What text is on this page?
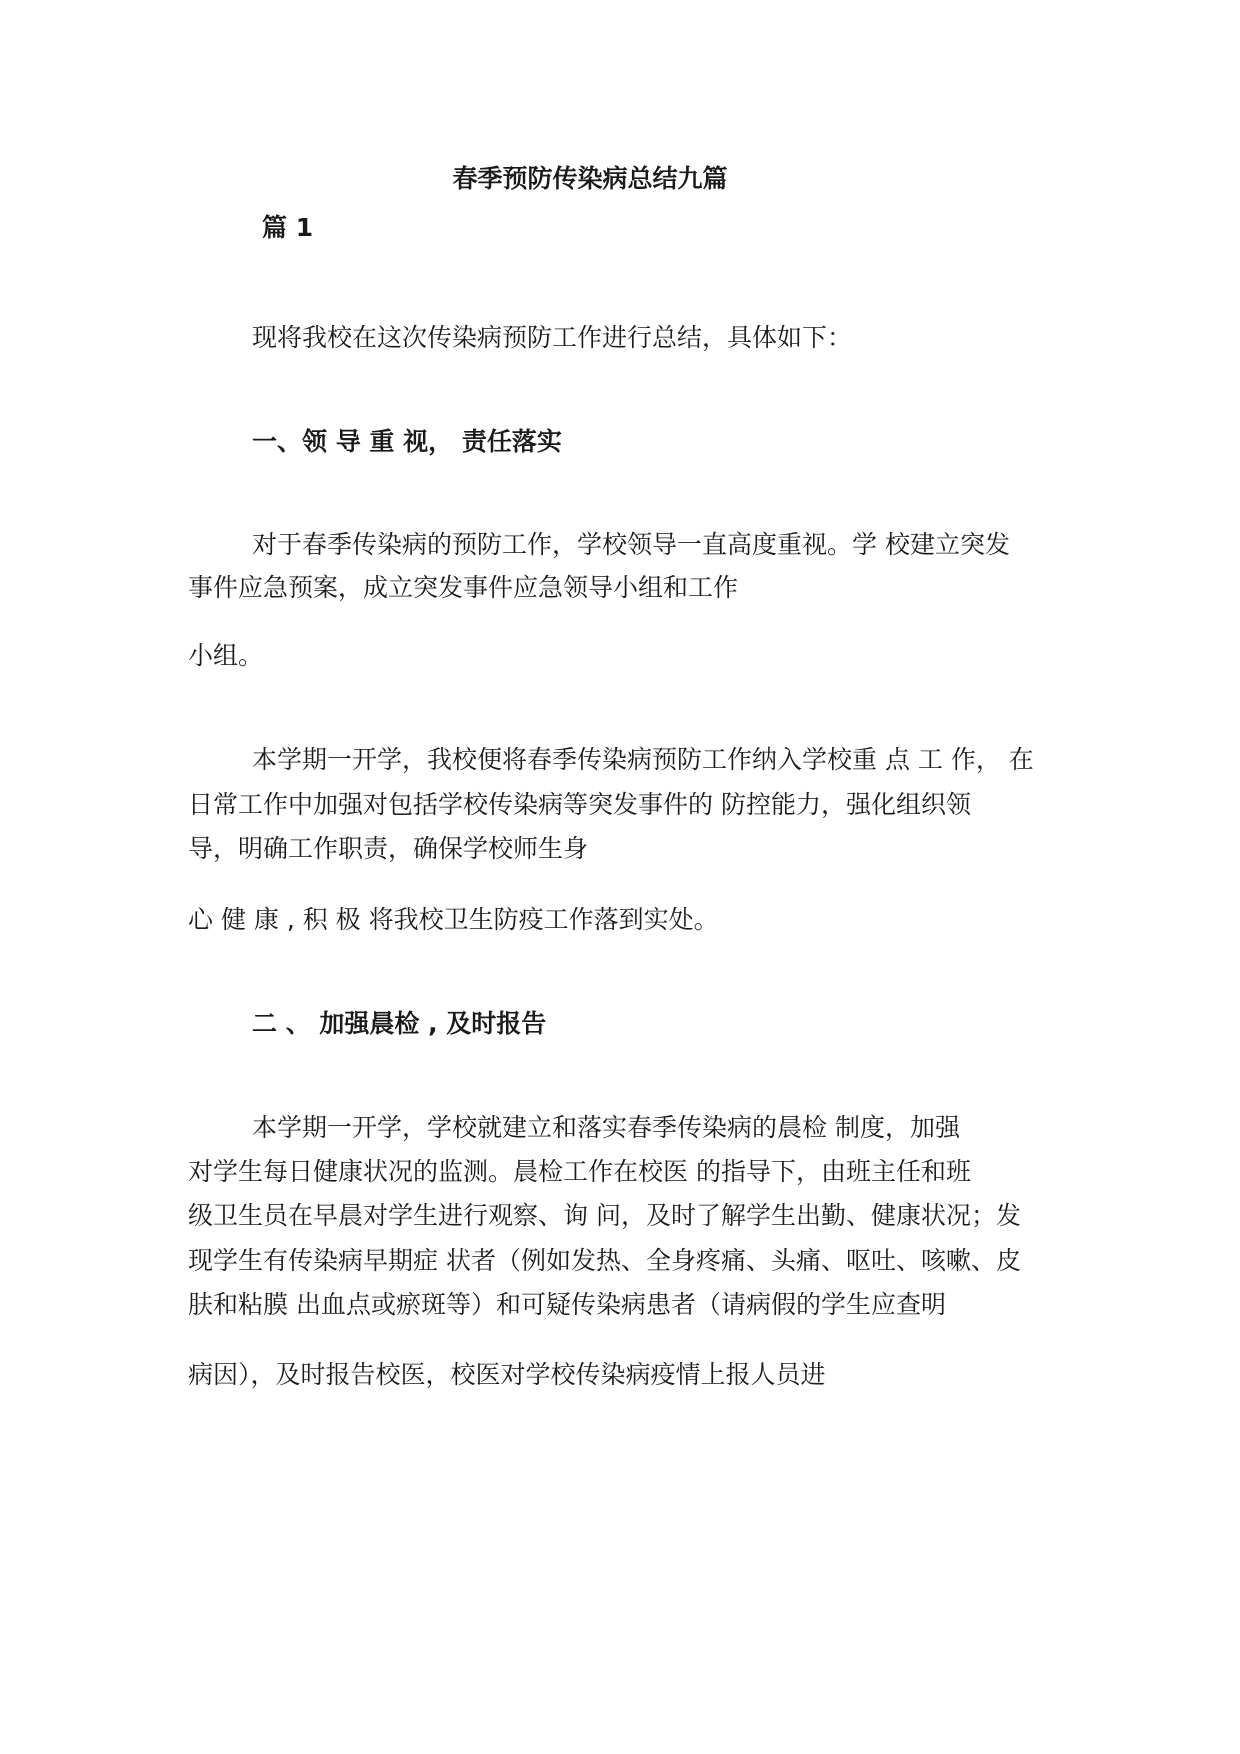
春季预防传染病总结九篇
篇 1
现将我校在这次传染病预防工作进行总结，具体如下：
一、领 导 重 视， 责任落实
对于春季传染病的预防工作，学校领导一直高度重视。学 校建立突发
事件应急预案，成立突发事件应急领导小组和工作
小组。
本学期一开学，我校便将春季传染病预防工作纳入学校重 点 工 作， 在
日常工作中加强对包括学校传染病等突发事件的 防控能力，强化组织领
导，明确工作职责，确保学校师生身
心 健 康 , 积 极 将我校卫生防疫工作落到实处。
二 、 加强晨检 , 及时报告
本学期一开学，学校就建立和落实春季传染病的晨检 制度，加强
对学生每日健康状况的监测。晨检工作在校医 的指导下，由班主任和班
级卫生员在早晨对学生进行观察、询 问，及时了解学生出勤、健康状况；发
现学生有传染病早期症 状者（例如发热、全身疼痛、头痛、呕吐、咳嗽、皮
肤和粘膜 出血点或瘀斑等）和可疑传染病患者（请病假的学生应查明
病因），及时报告校医，校医对学校传染病疫情上报人员进
